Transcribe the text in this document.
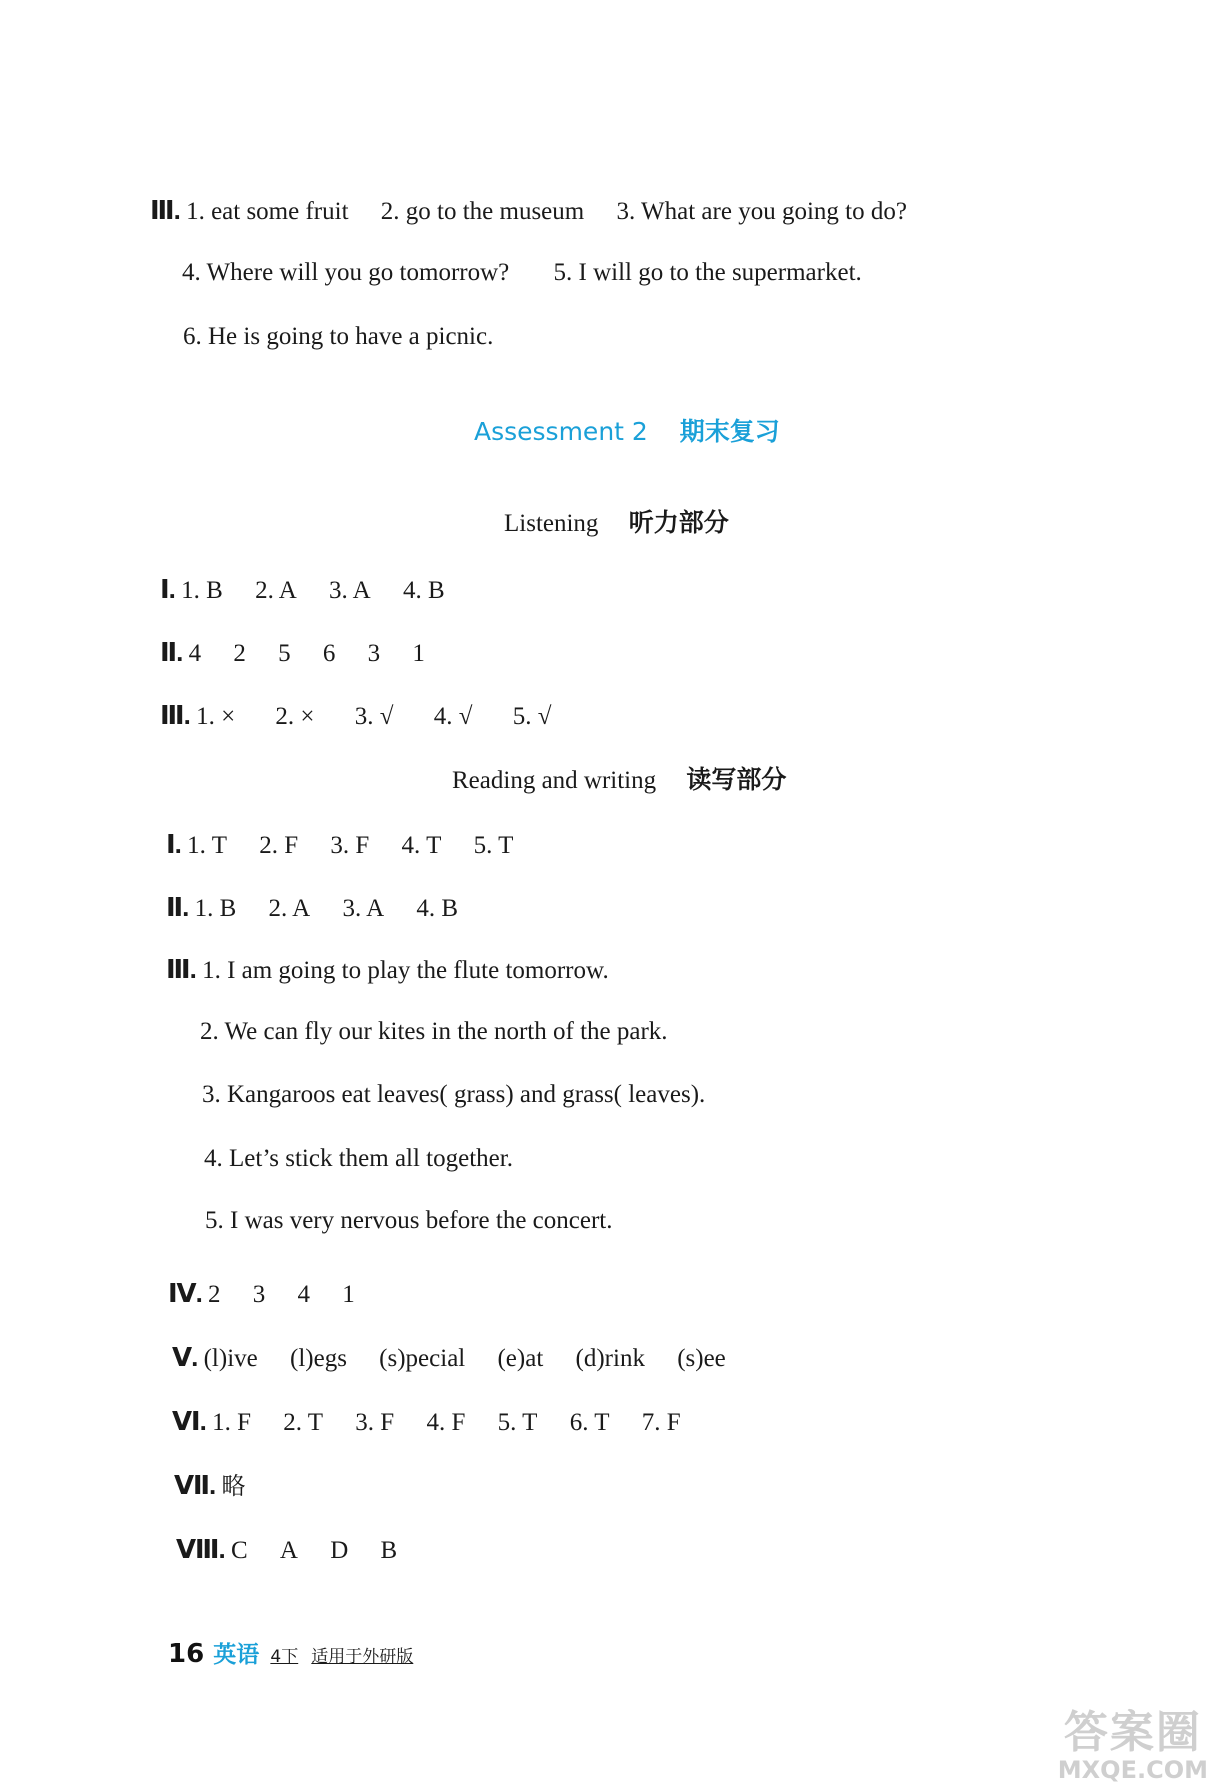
Ⅲ. 1. eat some fruit 2. go to the museum 3. What are you going to do?
4. Where will you go tomorrow? 5. I will go to the supermarket.
6. He is going to have a picnic.
Assessment 2 期末复习
Listening 听力部分
Ⅰ. 1. B 2. A 3. A 4. B
Ⅱ. 4 2 5 6 3 1
Ⅲ. 1. × 2. × 3. √ 4. √ 5. √
Reading and writing 读写部分
Ⅰ. 1. T 2. F 3. F 4. T 5. T
Ⅱ. 1. B 2. A 3. A 4. B
Ⅲ. 1. I am going to play the flute tomorrow.
2. We can fly our kites in the north of the park.
3. Kangaroos eat leaves( grass) and grass( leaves).
4. Let’s stick them all together.
5. I was very nervous before the concert.
Ⅳ. 2 3 4 1
Ⅴ. (l)ive (l)egs (s)pecial (e)at (d)rink (s)ee
Ⅵ. 1. F 2. T 3. F 4. F 5. T 6. T 7. F
Ⅶ. 略
Ⅷ. C A D B
16 英语 4下 适用于外研版
答案圈
MXQE.COM
